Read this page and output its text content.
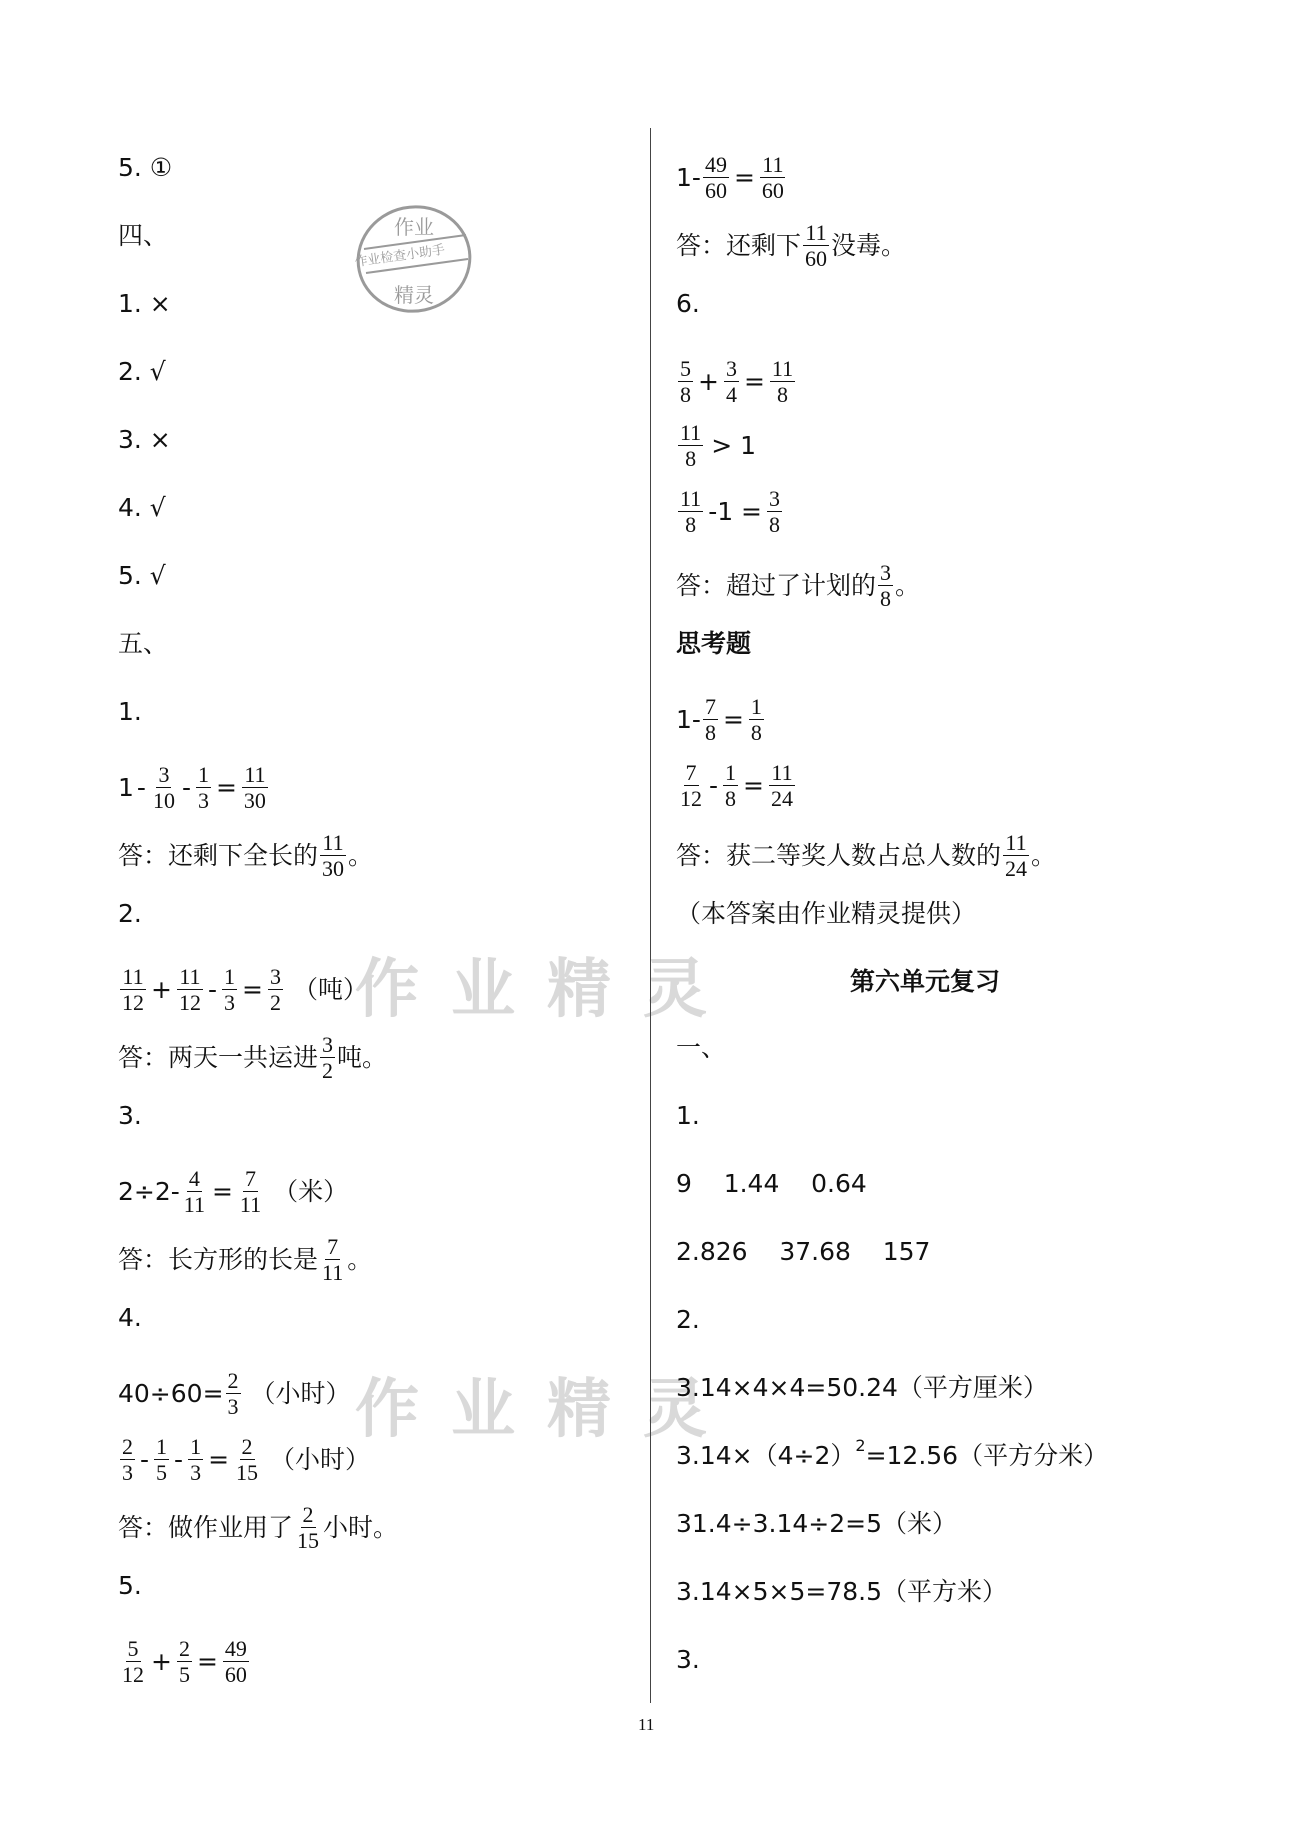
作业精灵
作业精灵
作业
作业检查小助手
精灵
5. ①
四、
1. ×
2. √
3. ×
4. √
5. √
五、
1.
$1 - \frac{3}{10} - \frac{1}{3} = \frac{11}{30}$
答：还剩下全长的 $\frac{11}{30}$ 。
2.
$\frac{11}{12} + \frac{11}{12} - \frac{1}{3} = \frac{3}{2}$ （吨）
答：两天一共运进 $\frac{3}{2}$ 吨。
3.
$2\div 2- \frac{4}{11} = \frac{7}{11}$ （米）
答：长方形的长是 $\frac{7}{11}$ 。
4.
$40\div 60= \frac{2}{3}$ （小时）
$\frac{2}{3} - \frac{1}{5} - \frac{1}{3} = \frac{2}{15}$ （小时）
答：做作业用了 $\frac{2}{15}$ 小时。
5.
$\frac{5}{12} + \frac{2}{5} = \frac{49}{60}$
$1- \frac{49}{60} = \frac{11}{60}$
答：还剩下 $\frac{11}{60}$ 没毒。
6.
$\frac{5}{8} + \frac{3}{4} = \frac{11}{8}$
$\frac{11}{8} > 1$
$\frac{11}{8} -1 = \frac{3}{8}$
答：超过了计划的 $\frac{3}{8}$ 。
思考题
$1- \frac{7}{8} = \frac{1}{8}$
$\frac{7}{12} - \frac{1}{8} = \frac{11}{24}$
答：获二等奖人数占总人数的 $\frac{11}{24}$ 。
（本答案由作业精灵提供）
第六单元复习
一、
1.
9    1.44    0.64
2.826    37.68    157
2.
3.14×4×4=50.24（平方厘米）
3.14×（4÷2） 2 =12.56（平方分米）
31.4÷3.14÷2=5（米）
3.14×5×5=78.5（平方米）
3.
11
